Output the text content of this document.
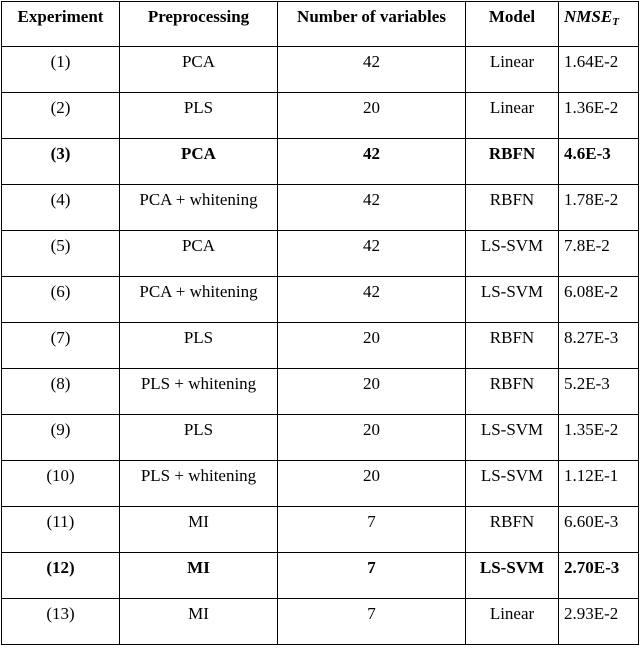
Experiment	Preprocessing	Number of variables	Model	$NMSE_T$
(1)	PCA	42	Linear	1.64E-2
(2)	PLS	20	Linear	1.36E-2
(3)	PCA	42	RBFN	4.6E-3
(4)	PCA + whitening	42	RBFN	1.78E-2
(5)	PCA	42	LS-SVM	7.8E-2
(6)	PCA + whitening	42	LS-SVM	6.08E-2
(7)	PLS	20	RBFN	8.27E-3
(8)	PLS + whitening	20	RBFN	5.2E-3
(9)	PLS	20	LS-SVM	1.35E-2
(10)	PLS + whitening	20	LS-SVM	1.12E-1
(11)	MI	7	RBFN	6.60E-3
(12)	MI	7	LS-SVM	2.70E-3
(13)	MI	7	Linear	2.93E-2
